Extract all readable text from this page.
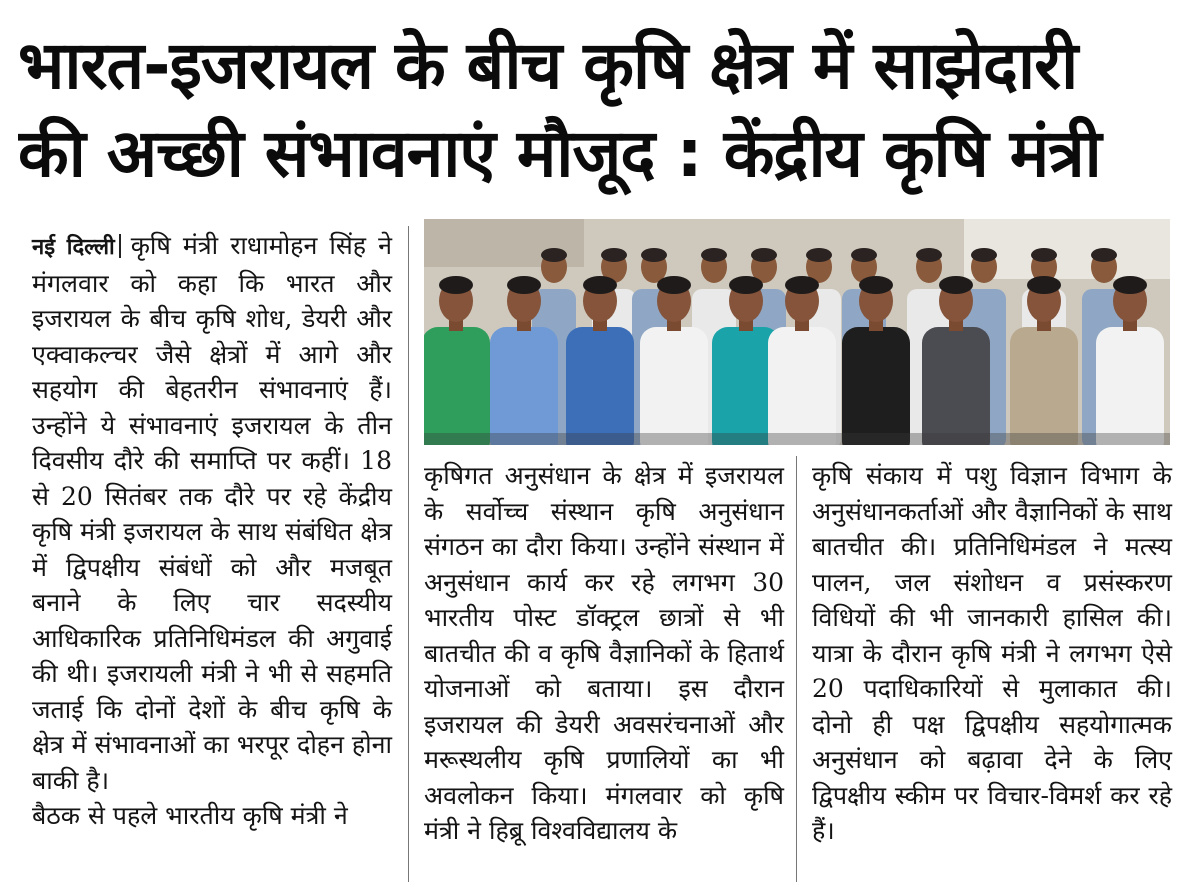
भारत-इजरायल के बीच कृषि क्षेत्र में साझेदारी
की अच्छी संभावनाएं मौजूद : केंद्रीय कृषि मंत्री

नई दिल्ली कृषि मंत्री राधामोहन सिंह ने मंगलवार को कहा कि भारत और इजरायल के बीच कृषि शोध, डेयरी और एक्वाकल्चर जैसे क्षेत्रों में आगे और सहयोग की बेहतरीन संभावनाएं हैं। उन्होंने ये संभावनाएं इजरायल के तीन दिवसीय दौरे की समाप्ति पर कहीं। 18 से 20 सितंबर तक दौरे पर रहे केंद्रीय कृषि मंत्री इजरायल के साथ संबंधित क्षेत्र में द्विपक्षीय संबंधों को और मजबूत बनाने के लिए चार सदस्यीय आधिकारिक प्रतिनिधिमंडल की अगुवाई की थी। इजरायली मंत्री ने भी से सहमति जताई कि दोनों देशों के बीच कृषि के क्षेत्र में संभावनाओं का भरपूर दोहन होना बाकी है।

बैठक से पहले भारतीय कृषि मंत्री ने

कृषिगत अनुसंधान के क्षेत्र में इजरायल के सर्वोच्च संस्थान कृषि अनुसंधान संगठन का दौरा किया। उन्होंने संस्थान में अनुसंधान कार्य कर रहे लगभग 30 भारतीय पोस्ट डॉक्ट्रल छात्रों से भी बातचीत की व कृषि वैज्ञानिकों के हितार्थ योजनाओं को बताया। इस दौरान इजरायल की डेयरी अवसरंचनाओं और मरूस्थलीय कृषि प्रणालियों का भी अवलोकन किया। मंगलवार को कृषि मंत्री ने हिब्रू विश्वविद्यालय के

कृषि संकाय में पशु विज्ञान विभाग के अनुसंधानकर्ताओं और वैज्ञानिकों के साथ बातचीत की। प्रतिनिधिमंडल ने मत्स्य पालन, जल संशोधन व प्रसंस्करण विधियों की भी जानकारी हासिल की। यात्रा के दौरान कृषि मंत्री ने लगभग ऐसे 20 पदाधिकारियों से मुलाकात की। दोनो ही पक्ष द्विपक्षीय सहयोगात्मक अनुसंधान को बढ़ावा देने के लिए द्विपक्षीय स्कीम पर विचार-विमर्श कर रहे हैं।
